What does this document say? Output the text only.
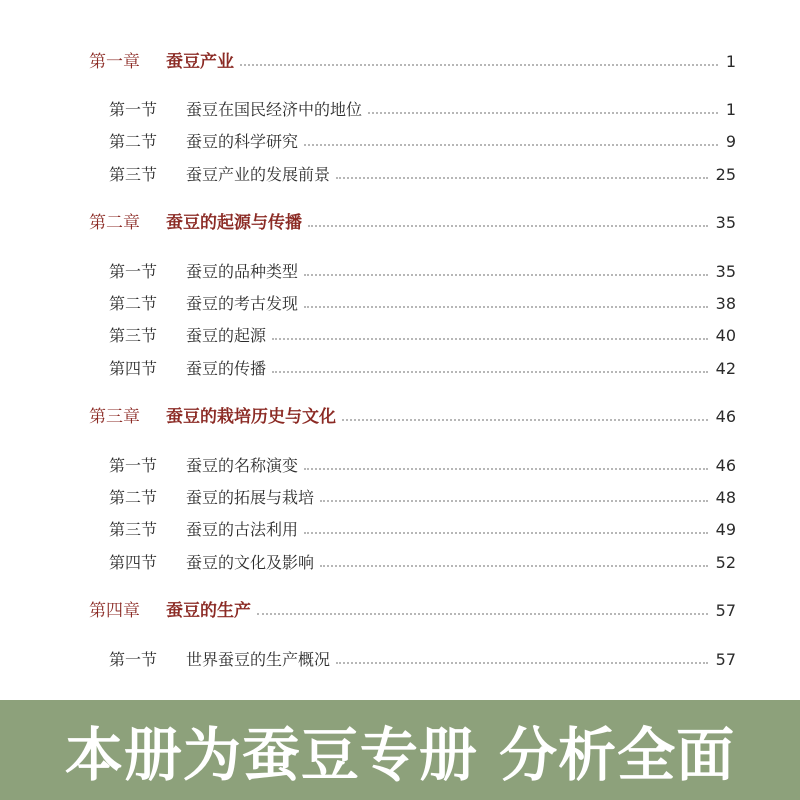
第一章	蚕豆产业	1
第一节	蚕豆在国民经济中的地位	1
第二节	蚕豆的科学研究	9
第三节	蚕豆产业的发展前景	25
第二章	蚕豆的起源与传播	35
第一节	蚕豆的品种类型	35
第二节	蚕豆的考古发现	38
第三节	蚕豆的起源	40
第四节	蚕豆的传播	42
第三章	蚕豆的栽培历史与文化	46
第一节	蚕豆的名称演变	46
第二节	蚕豆的拓展与栽培	48
第三节	蚕豆的古法利用	49
第四节	蚕豆的文化及影响	52
第四章	蚕豆的生产	57
第一节	世界蚕豆的生产概况	57
本册为蚕豆专册 分析全面
